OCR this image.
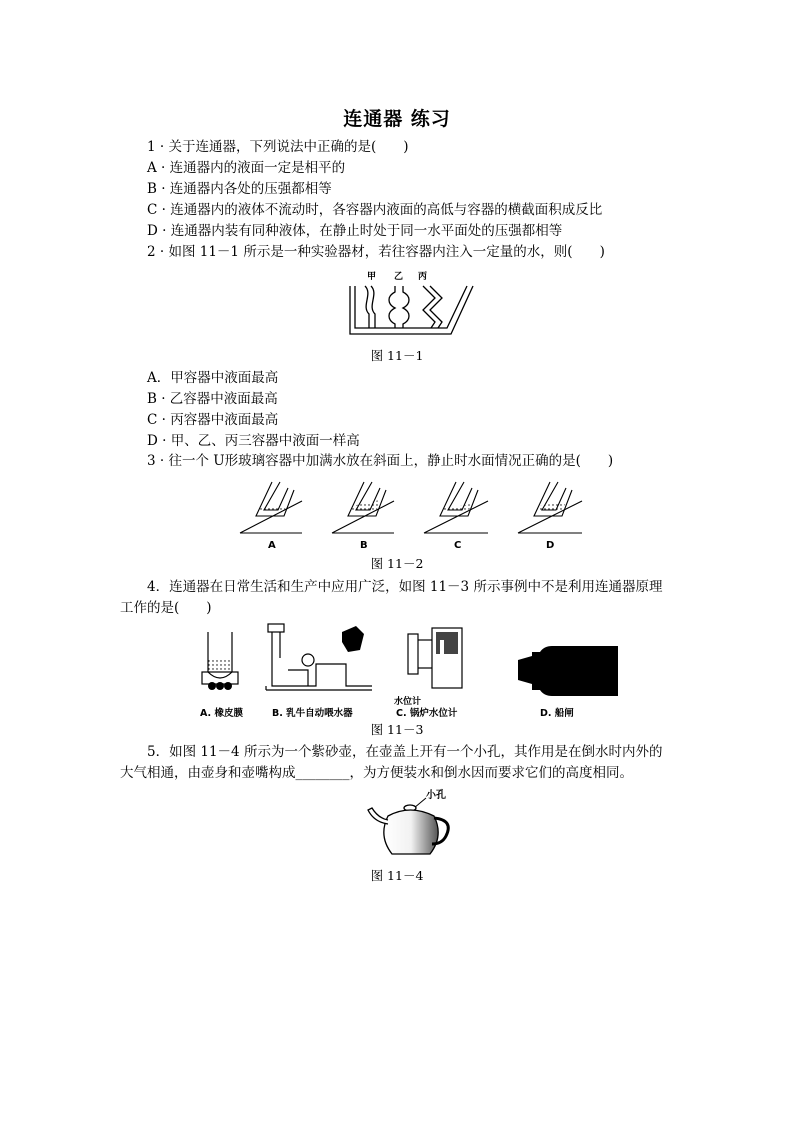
连通器 练习
1 · 关于连通器，下列说法中正确的是(　　)
A · 连通器内的液面一定是相平的
B · 连通器内各处的压强都相等
C · 连通器内的液体不流动时，各容器内液面的高低与容器的横截面积成反比
D · 连通器内装有同种液体，在静止时处于同一水平面处的压强都相等
2 · 如图 11－1 所示是一种实验器材，若往容器内注入一定量的水，则(　　)
甲 乙 丙
图 11－1
A．甲容器中液面最高
B · 乙容器中液面最高
C · 丙容器中液面最高
D · 甲、乙、丙三容器中液面一样高
3 · 往一个 U形玻璃容器中加满水放在斜面上，静止时水面情况正确的是(　　)
A	B	C	D
图 11－2
4．连通器在日常生活和生产中应用广泛，如图 11－3 所示事例中不是利用连通器原理
工作的是(　　)
水位计
A. 橡皮膜	B. 乳牛自动喂水器	C. 锅炉水位计	D. 船闸
图 11－3
5．如图 11－4 所示为一个紫砂壶，在壶盖上开有一个小孔，其作用是在倒水时内外的
大气相通，由壶身和壶嘴构成________，为方便装水和倒水因而要求它们的高度相同。
小孔
图 11－4
